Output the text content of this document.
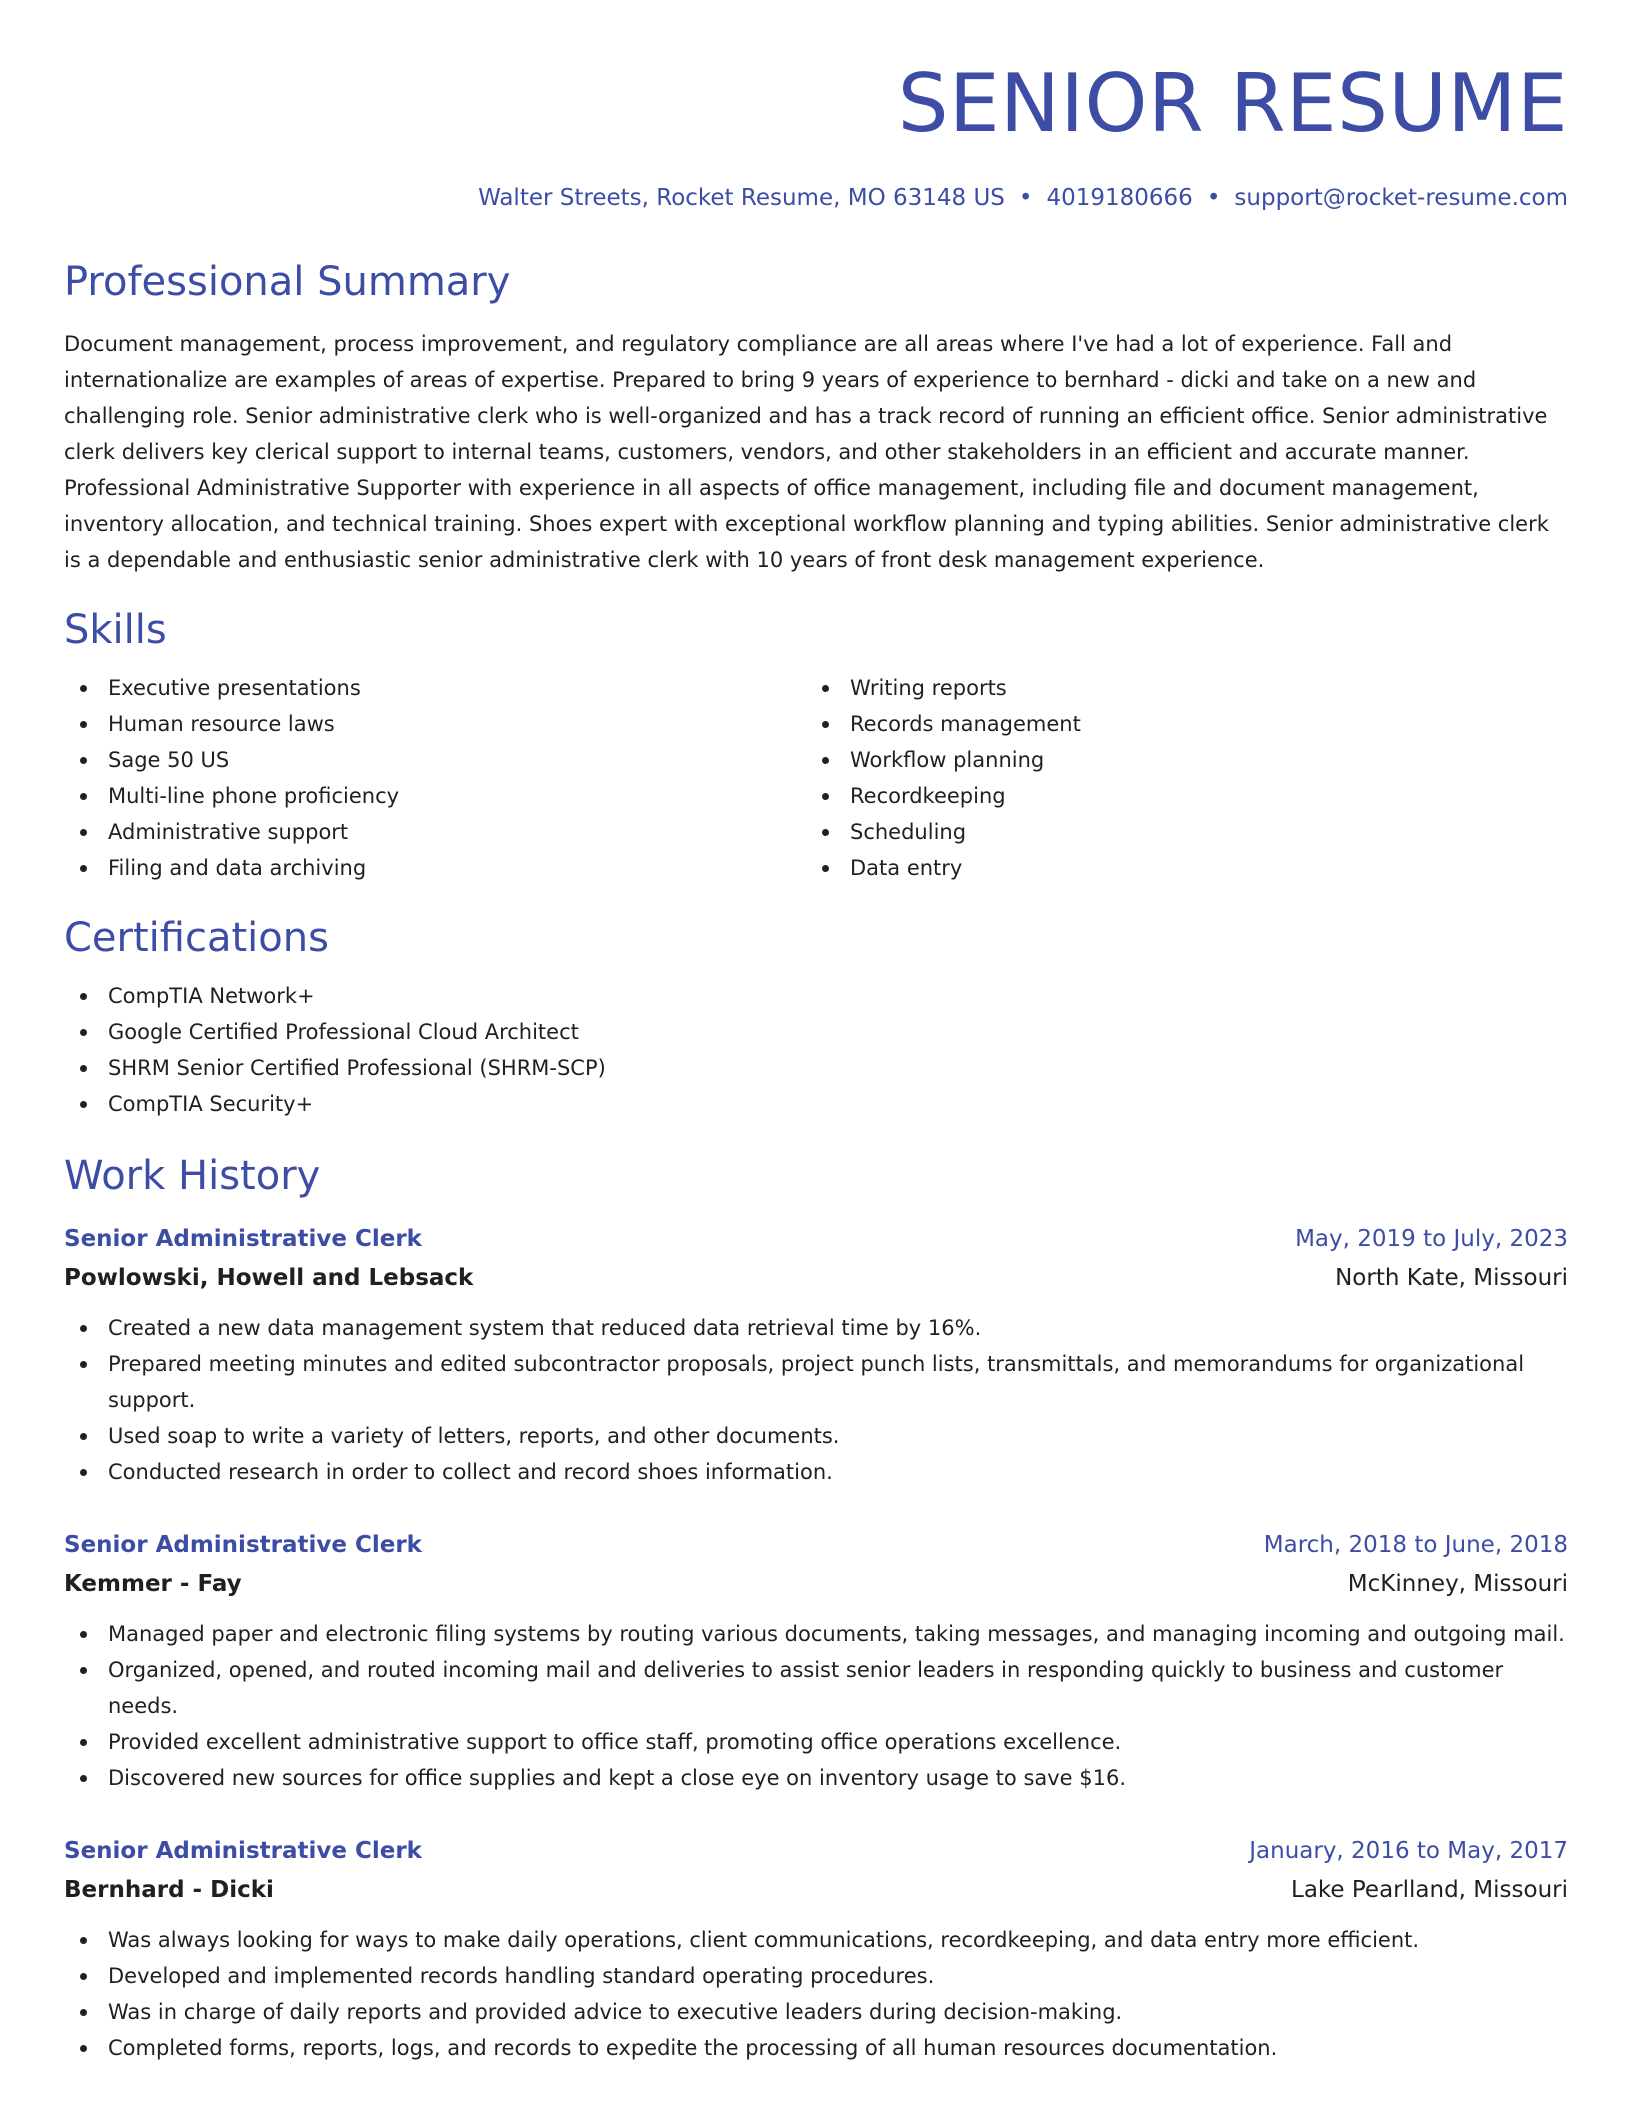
SENIOR RESUME
Walter Streets, Rocket Resume, MO 63148 US • 4019180666 • support@rocket-resume.com
Professional Summary

Document management, process improvement, and regulatory compliance are all areas where I've had a lot of experience. Fall and internationalize are examples of areas of expertise. Prepared to bring 9 years of experience to bernhard - dicki and take on a new and challenging role. Senior administrative clerk who is well-organized and has a track record of running an efficient office. Senior administrative clerk delivers key clerical support to internal teams, customers, vendors, and other stakeholders in an efficient and accurate manner. Professional Administrative Supporter with experience in all aspects of office management, including file and document management, inventory allocation, and technical training. Shoes expert with exceptional workflow planning and typing abilities. Senior administrative clerk is a dependable and enthusiastic senior administrative clerk with 10 years of front desk management experience.

Skills
Executive presentations
Human resource laws
Sage 50 US
Multi-line phone proficiency
Administrative support
Filing and data archiving
Writing reports
Records management
Workflow planning
Recordkeeping
Scheduling
Data entry
Certifications
CompTIA Network+
Google Certified Professional Cloud Architect
SHRM Senior Certified Professional (SHRM-SCP)
CompTIA Security+
Work History
Senior Administrative Clerk	May, 2019 to July, 2023
Powlowski, Howell and Lebsack	North Kate, Missouri
Created a new data management system that reduced data retrieval time by 16%.
Prepared meeting minutes and edited subcontractor proposals, project punch lists, transmittals, and memorandums for organizational support.
Used soap to write a variety of letters, reports, and other documents.
Conducted research in order to collect and record shoes information.
Senior Administrative Clerk	March, 2018 to June, 2018
Kemmer - Fay	McKinney, Missouri
Managed paper and electronic filing systems by routing various documents, taking messages, and managing incoming and outgoing mail.
Organized, opened, and routed incoming mail and deliveries to assist senior leaders in responding quickly to business and customer needs.
Provided excellent administrative support to office staff, promoting office operations excellence.
Discovered new sources for office supplies and kept a close eye on inventory usage to save $16.
Senior Administrative Clerk	January, 2016 to May, 2017
Bernhard - Dicki	Lake Pearlland, Missouri
Was always looking for ways to make daily operations, client communications, recordkeeping, and data entry more efficient.
Developed and implemented records handling standard operating procedures.
Was in charge of daily reports and provided advice to executive leaders during decision-making.
Completed forms, reports, logs, and records to expedite the processing of all human resources documentation.
